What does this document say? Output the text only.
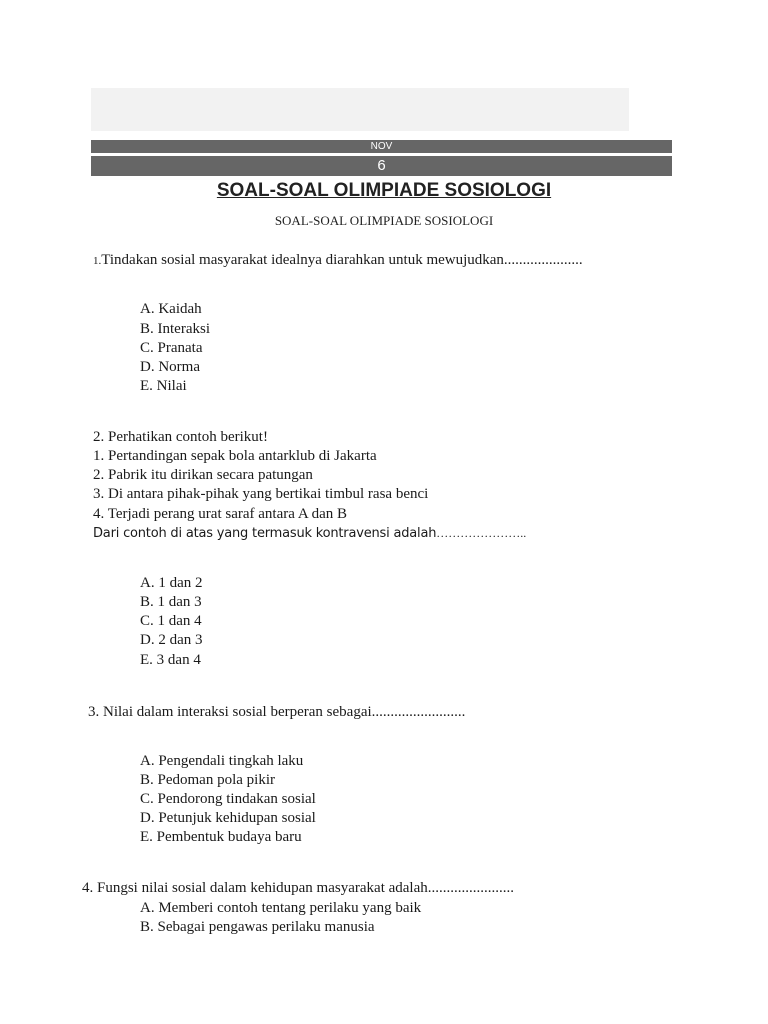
NOV
6
SOAL-SOAL OLIMPIADE SOSIOLOGI
SOAL-SOAL OLIMPIADE SOSIOLOGI
1.Tindakan sosial masyarakat idealnya diarahkan untuk mewujudkan.....................
A. Kaidah
B. Interaksi
C. Pranata
D. Norma
E. Nilai
2. Perhatikan contoh berikut!
1. Pertandingan sepak bola antarklub di Jakarta
2. Pabrik itu dirikan secara patungan
3. Di antara pihak-pihak yang bertikai timbul rasa benci
4. Terjadi perang urat saraf antara A dan B
Dari contoh di atas yang termasuk kontravensi adalah…………………..
A. 1 dan 2
B. 1 dan 3
C. 1 dan 4
D. 2 dan 3
E. 3 dan 4
3. Nilai dalam interaksi sosial berperan sebagai.........................
A. Pengendali tingkah laku
B. Pedoman pola pikir
C. Pendorong tindakan sosial
D. Petunjuk kehidupan sosial
E. Pembentuk budaya baru
4. Fungsi nilai sosial dalam kehidupan masyarakat adalah.......................
A. Memberi contoh tentang perilaku yang baik
B. Sebagai pengawas perilaku manusia
